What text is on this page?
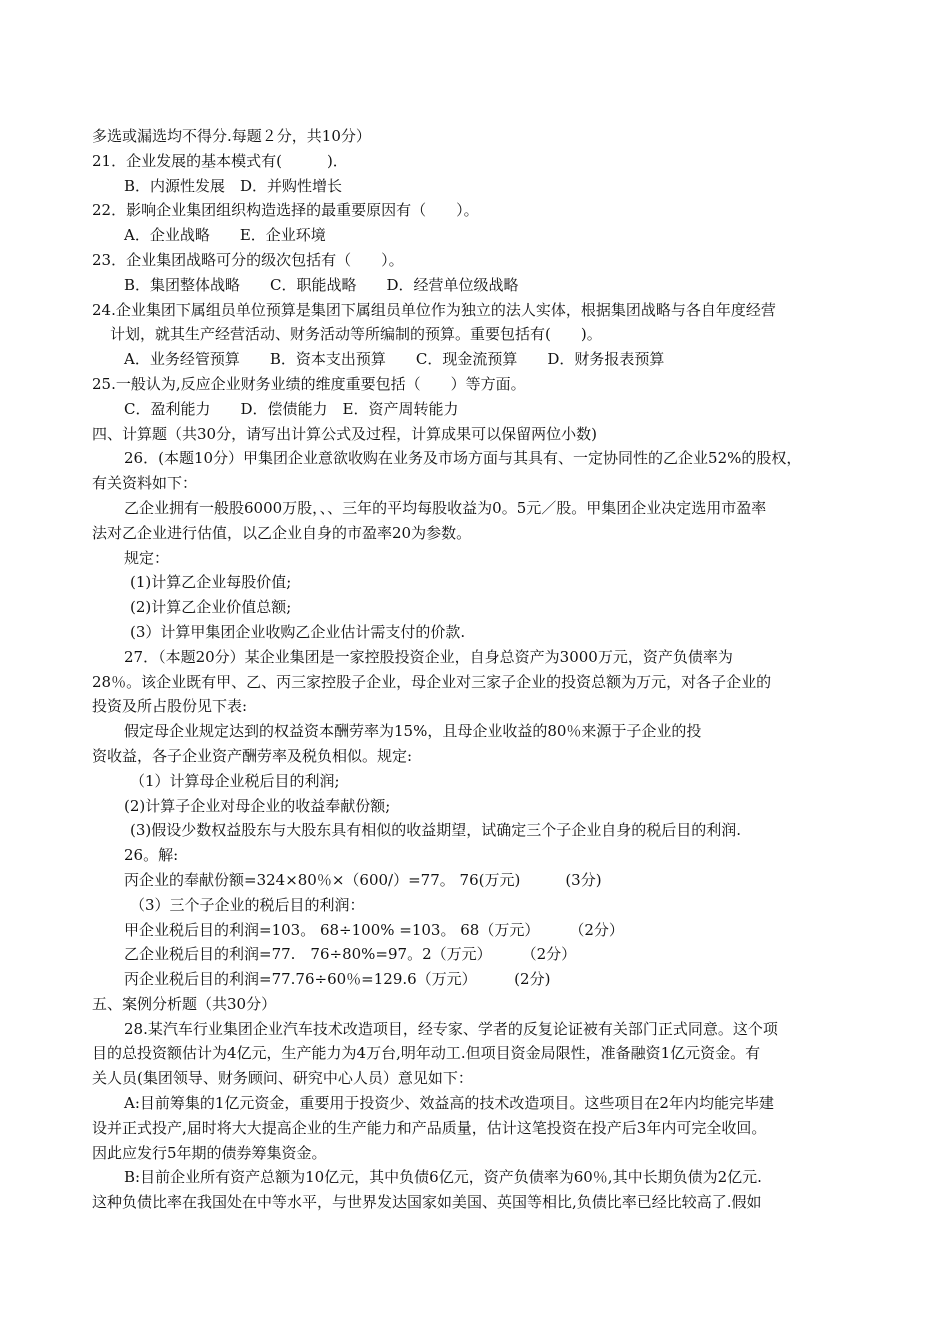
多选或漏选均不得分.每题２分，共10分）
21．企业发展的基本模式有(　　　)．
B．内源性发展　D．并购性增长
22．影响企业集团组织构造选择的最重要原因有（　　）。
A．企业战略　　E．企业环境
23．企业集团战略可分的级次包括有（　　）。
B．集团整体战略　　C．职能战略　　D．经营单位级战略
24.企业集团下属组员单位预算是集团下属组员单位作为独立的法人实体，根据集团战略与各自年度经营
计划，就其生产经营活动、财务活动等所编制的预算。重要包括有(　　)。
A．业务经管预算　　B．资本支出预算　　C．现金流预算　　D．财务报表预算
25.一般认为,反应企业财务业绩的维度重要包括（　　）等方面。
C．盈利能力　　D．偿债能力　E．资产周转能力
四、计算题（共30分，请写出计算公式及过程，计算成果可以保留两位小数)
26．(本题10分）甲集团企业意欲收购在业务及市场方面与其具有、一定协同性的乙企业52%的股权，
有关资料如下：
乙企业拥有一般股6000万股，、、三年的平均每股收益为0。5元／股。甲集团企业决定选用市盈率
法对乙企业进行估值，以乙企业自身的市盈率20为参数。
规定：
(1)计算乙企业每股价值;
(2)计算乙企业价值总额;
(3）计算甲集团企业收购乙企业估计需支付的价款.
27．（本题20分）某企业集团是一家控股投资企业，自身总资产为3000万元，资产负债率为
28％。该企业既有甲、乙、丙三家控股子企业，母企业对三家子企业的投资总额为万元，对各子企业的
投资及所占股份见下表:
假定母企业规定达到的权益资本酬劳率为15%，且母企业收益的80％来源于子企业的投
资收益，各子企业资产酬劳率及税负相似。规定:
（1）计算母企业税后目的利润;
(2)计算子企业对母企业的收益奉献份额;
(3)假设少数权益股东与大股东具有相似的收益期望，试确定三个子企业自身的税后目的利润.
26。解:
丙企业的奉献份额=324×80％×（600/）=77。 76(万元)　　　(3分)
（3）三个子企业的税后目的利润：
甲企业税后目的利润=103。 68÷100% =103。 68（万元）　　　（2分）
乙企业税后目的利润=77.　76÷80%=97。2（万元）　　　（2分）
丙企业税后目的利润=77.76÷60％=129.6（万元）　　　(2分)
五、案例分析题（共30分）
28.某汽车行业集团企业汽车技术改造项目，经专家、学者的反复论证被有关部门正式同意。这个项
目的总投资额估计为4亿元，生产能力为4万台,明年动工.但项目资金局限性，准备融资1亿元资金。有
关人员(集团领导、财务顾问、研究中心人员）意见如下：
A:目前筹集的1亿元资金，重要用于投资少、效益高的技术改造项目。这些项目在2年内均能完毕建
设并正式投产,届时将大大提高企业的生产能力和产品质量，估计这笔投资在投产后3年内可完全收回。
因此应发行5年期的债券筹集资金。
B:目前企业所有资产总额为10亿元，其中负债6亿元，资产负债率为60％,其中长期负债为2亿元.
这种负债比率在我国处在中等水平，与世界发达国家如美国、英国等相比,负债比率已经比较高了.假如
